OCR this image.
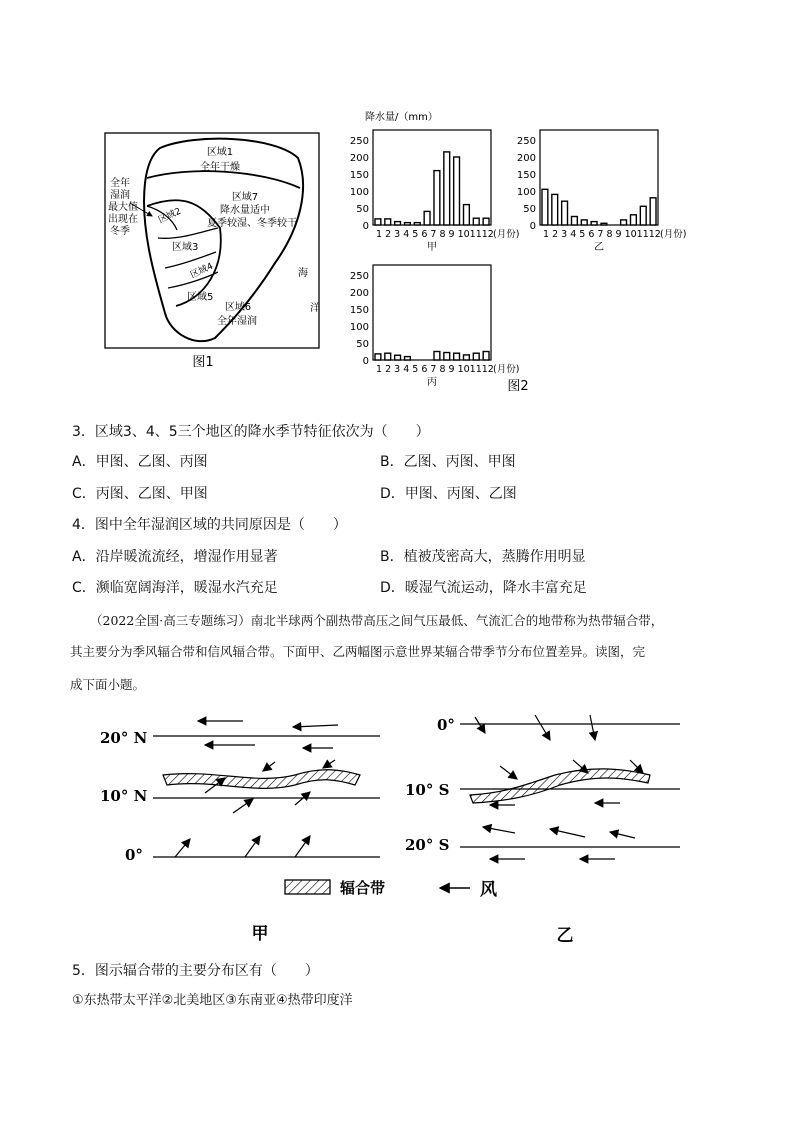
区域1
全年干燥
区域7
降水量适中
夏季较湿、冬季较干
区域2
区域3
区域4
区域5
区域6
全年湿润
海
洋
全年
湿润
最大值
出现在
冬季
图1
降水量/（mm）
250
200
150
100
50
0
1 2 3 4 5 6 7 8 9 101112 (月份)
甲
250
200
150
100
50
0
1 2 3 4 5 6 7 8 9 101112 (月份)
乙
250
200
150
100
50
0
1 2 3 4 5 6 7 8 9 101112 (月份)
丙	图2
3．区域3、4、5三个地区的降水季节特征依次为（　　）
A．甲图、乙图、丙图	B．乙图、丙图、甲图
C．丙图、乙图、甲图	D．甲图、丙图、乙图
4．图中全年湿润区域的共同原因是（　　）
A．沿岸暖流流经，增湿作用显著	B．植被茂密高大，蒸腾作用明显
C．濒临宽阔海洋，暖湿水汽充足	D．暖湿气流运动，降水丰富充足
（2022全国·高三专题练习）南北半球两个副热带高压之间气压最低、气流汇合的地带称为热带辐合带，
其主要分为季风辐合带和信风辐合带。下面甲、乙两幅图示意世界某辐合带季节分布位置差异。读图，完
成下面小题。
20° N
10° N
0°
0°
10° S
20° S
辐合带	风
甲	乙
5．图示辐合带的主要分布区有（　　）
①东热带太平洋②北美地区③东南亚④热带印度洋
